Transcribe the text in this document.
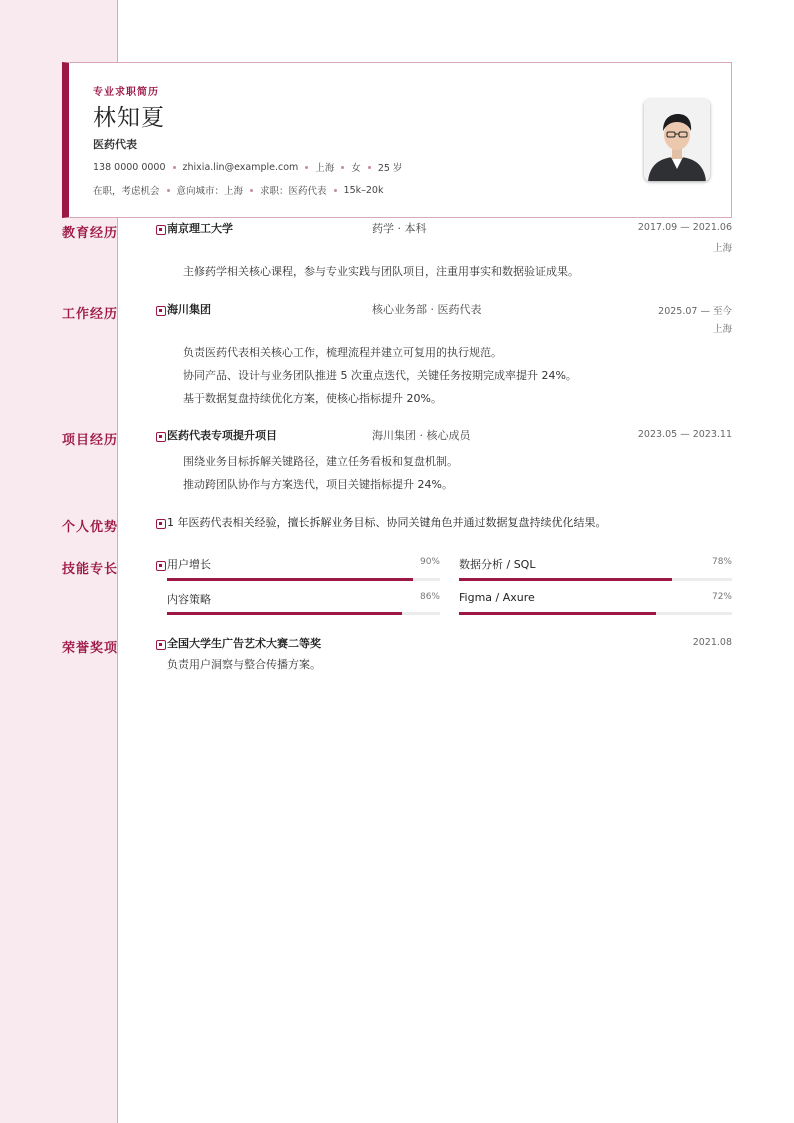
专业求职简历
林知夏
医药代表
138 0000 0000 zhixia.lin@example.com 上海 女 25 岁
在职，考虑机会 意向城市：上海 求职：医药代表 15k–20k
教育经历	南京理工大学	药学 · 本科	2017.09 — 2021.06
上海
主修药学相关核心课程，参与专业实践与团队项目，注重用事实和数据验证成果。
工作经历	海川集团	核心业务部 · 医药代表	2025.07 — 至今
上海
负责医药代表相关核心工作，梳理流程并建立可复用的执行规范。
协同产品、设计与业务团队推进 5 次重点迭代，关键任务按期完成率提升 24%。
基于数据复盘持续优化方案，使核心指标提升 20%。
项目经历	医药代表专项提升项目	海川集团 · 核心成员	2023.05 — 2023.11
围绕业务目标拆解关键路径，建立任务看板和复盘机制。
推动跨团队协作与方案迭代，项目关键指标提升 24%。
个人优势	1 年医药代表相关经验，擅长拆解业务目标、协同关键角色并通过数据复盘持续优化结果。
技能专长	用户增长	90% 数据分析 / SQL	78%
内容策略	86% Figma / Axure	72%
荣誉奖项	全国大学生广告艺术大赛二等奖	2021.08
负责用户洞察与整合传播方案。
